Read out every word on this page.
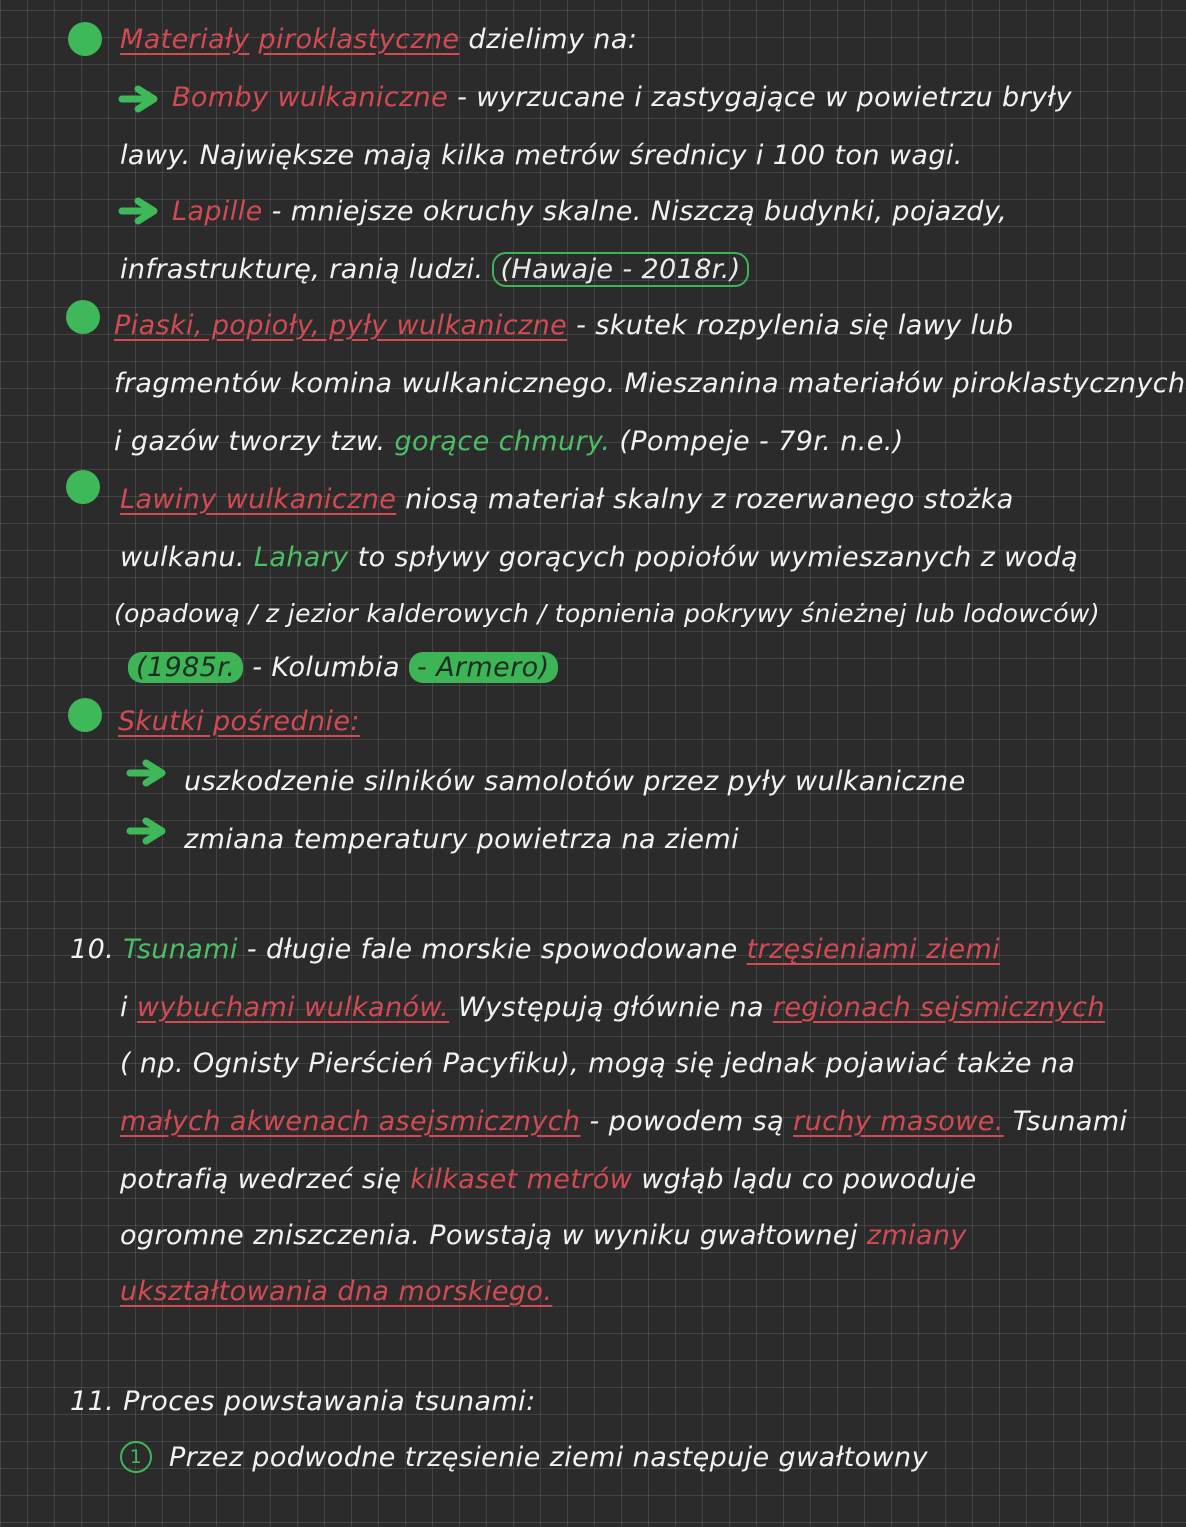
Materiały piroklastyczne dzielimy na:
Bomby wulkaniczne - wyrzucane i zastygające w powietrzu bryły
lawy. Największe mają kilka metrów średnicy i 100 ton wagi.
Lapille - mniejsze okruchy skalne. Niszczą budynki, pojazdy,
infrastrukturę, ranią ludzi. (Hawaje - 2018r.)
Piaski, popioły, pyły wulkaniczne - skutek rozpylenia się lawy lub
fragmentów komina wulkanicznego. Mieszanina materiałów piroklastycznych
i gazów tworzy tzw. gorące chmury. (Pompeje - 79r. n.e.)
Lawiny wulkaniczne niosą materiał skalny z rozerwanego stożka
wulkanu. Lahary to spływy gorących popiołów wymieszanych z wodą
(opadową / z jezior kalderowych / topnienia pokrywy śnieżnej lub lodowców)
(1985r. - Kolumbia - Armero)
Skutki pośrednie:
uszkodzenie silników samolotów przez pyły wulkaniczne
zmiana temperatury powietrza na ziemi
10. Tsunami - długie fale morskie spowodowane trzęsieniami ziemi
i wybuchami wulkanów. Występują głównie na regionach sejsmicznych
( np. Ognisty Pierścień Pacyfiku), mogą się jednak pojawiać także na
małych akwenach asejsmicznych - powodem są ruchy masowe. Tsunami
potrafią wedrzeć się kilkaset metrów wgłąb lądu co powoduje
ogromne zniszczenia. Powstają w wyniku gwałtownej zmiany
ukształtowania dna morskiego.
11. Proces powstawania tsunami:
1 Przez podwodne trzęsienie ziemi następuje gwałtowny
